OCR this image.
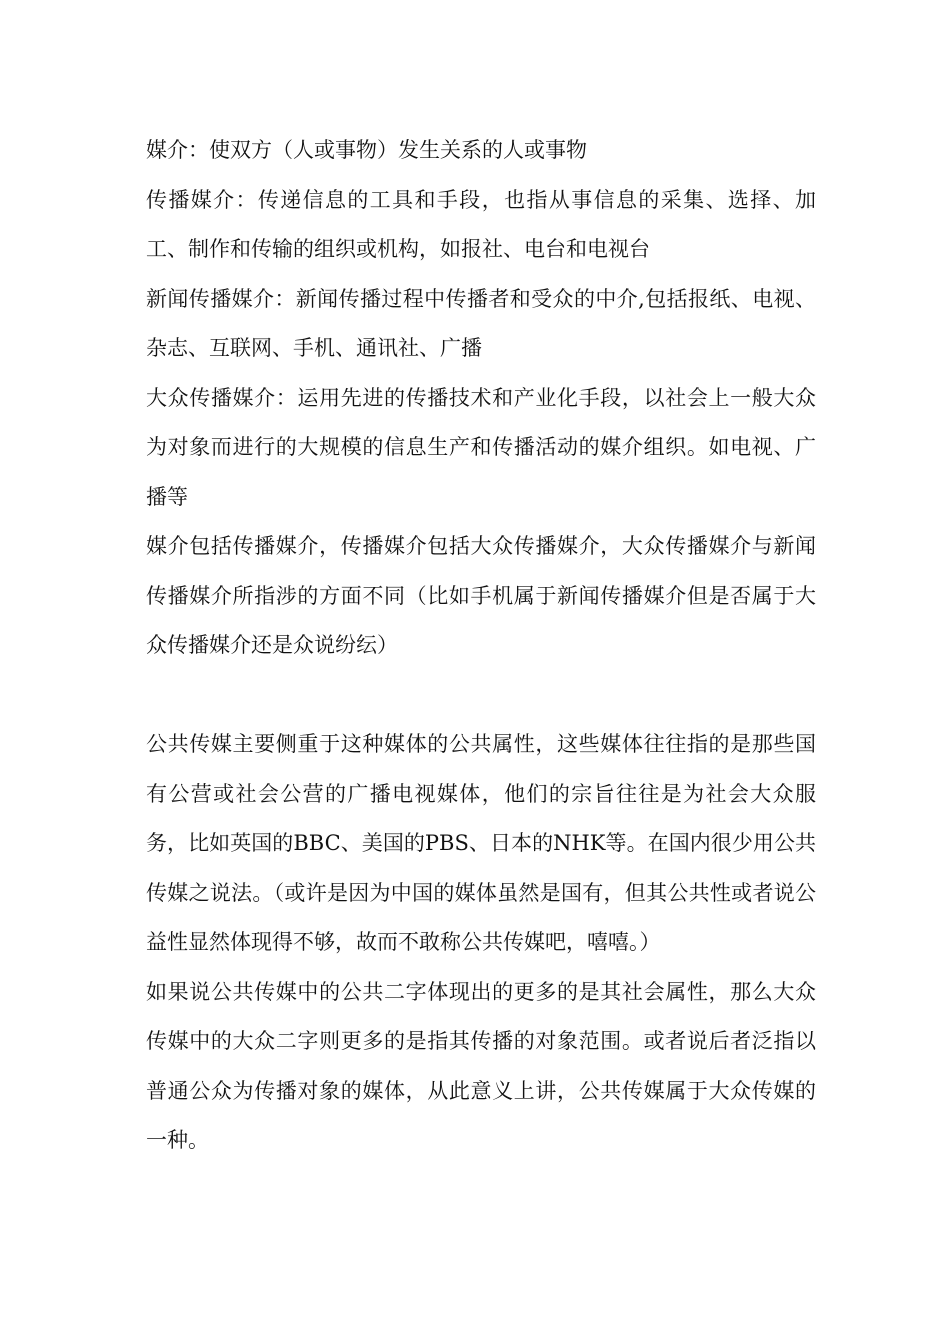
媒介：使双方（人或事物）发生关系的人或事物

传播媒介：传递信息的工具和手段，也指从事信息的采集、选择、加工、制作和传输的组织或机构，如报社、电台和电视台

新闻传播媒介：新闻传播过程中传播者和受众的中介,包括报纸、电视、杂志、互联网、手机、通讯社、广播

大众传播媒介：运用先进的传播技术和产业化手段，以社会上一般大众为对象而进行的大规模的信息生产和传播活动的媒介组织。如电视、广播等

媒介包括传播媒介，传播媒介包括大众传播媒介，大众传播媒介与新闻传播媒介所指涉的方面不同（比如手机属于新闻传播媒介但是否属于大众传播媒介还是众说纷纭）

公共传媒主要侧重于这种媒体的公共属性，这些媒体往往指的是那些国有公营或社会公营的广播电视媒体，他们的宗旨往往是为社会大众服务，比如英国的BBC、美国的PBS、日本的NHK等。在国内很少用公共传媒之说法。（或许是因为中国的媒体虽然是国有，但其公共性或者说公益性显然体现得不够，故而不敢称公共传媒吧，嘻嘻。）

如果说公共传媒中的公共二字体现出的更多的是其社会属性，那么大众传媒中的大众二字则更多的是指其传播的对象范围。或者说后者泛指以普通公众为传播对象的媒体，从此意义上讲，公共传媒属于大众传媒的一种。
